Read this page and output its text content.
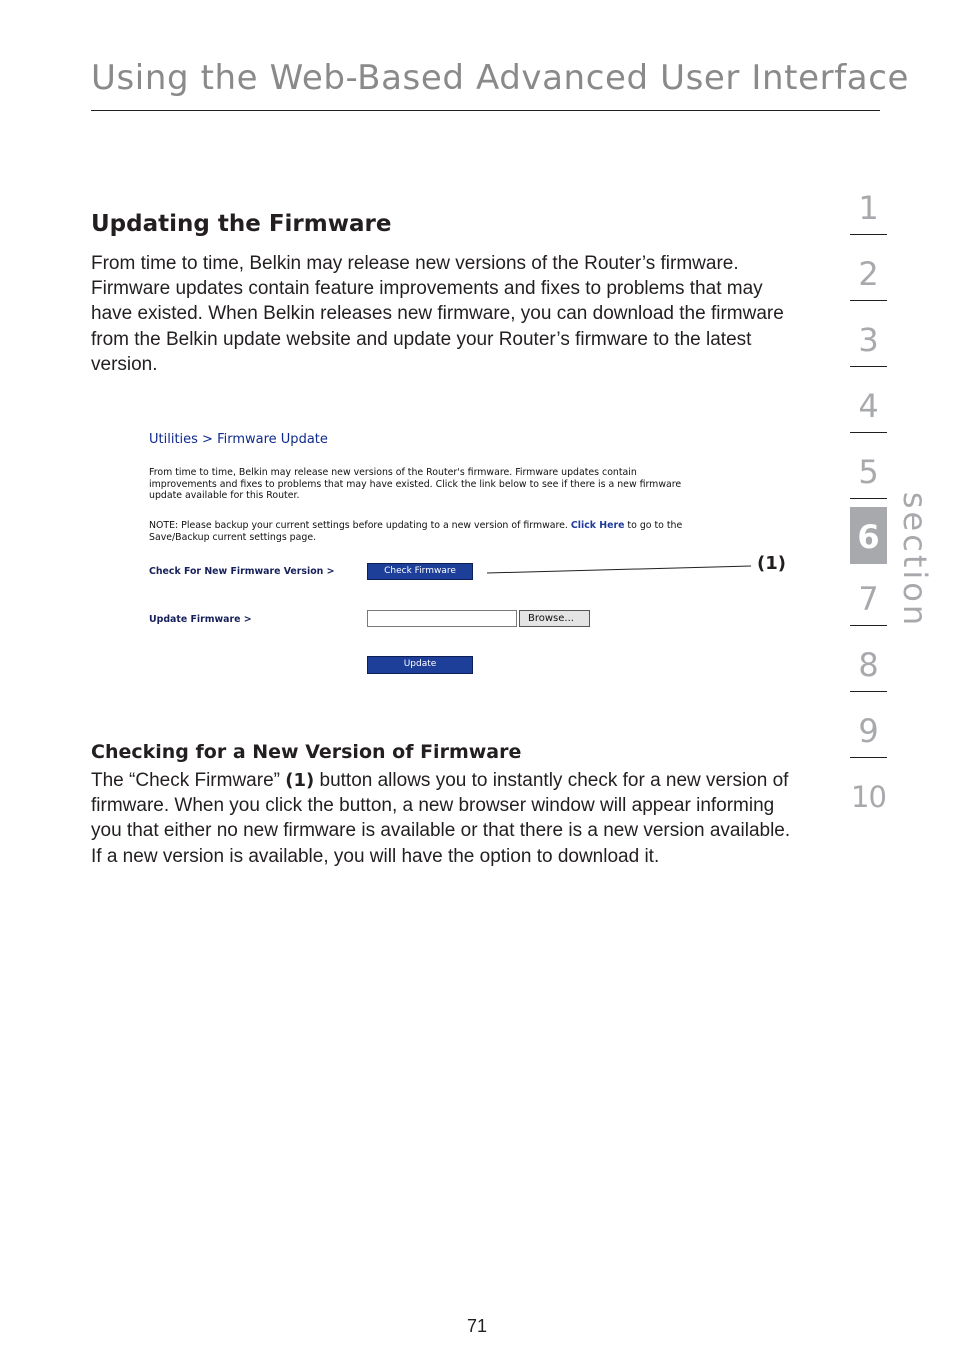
Using the Web-Based Advanced User Interface
Updating the Firmware
From time to time, Belkin may release new versions of the Router’s firmware. Firmware updates contain feature improvements and fixes to problems that may have existed. When Belkin releases new firmware, you can download the firmware from the Belkin update website and update your Router’s firmware to the latest version.
Utilities > Firmware Update
From time to time, Belkin may release new versions of the Router's firmware. Firmware updates contain improvements and fixes to problems that may have existed. Click the link below to see if there is a new firmware update available for this Router.
NOTE: Please backup your current settings before updating to a new version of firmware. Click Here to go to the Save/Backup current settings page.
Check For New Firmware Version >	Check Firmware
Update Firmware >	Browse...
Update
(1)
Checking for a New Version of Firmware
The “Check Firmware” (1) button allows you to instantly check for a new version of firmware. When you click the button, a new browser window will appear informing you that either no new firmware is available or that there is a new version available. If a new version is available, you will have the option to download it.
1
2
3
4
5
6
7
8
9
10
section
71
